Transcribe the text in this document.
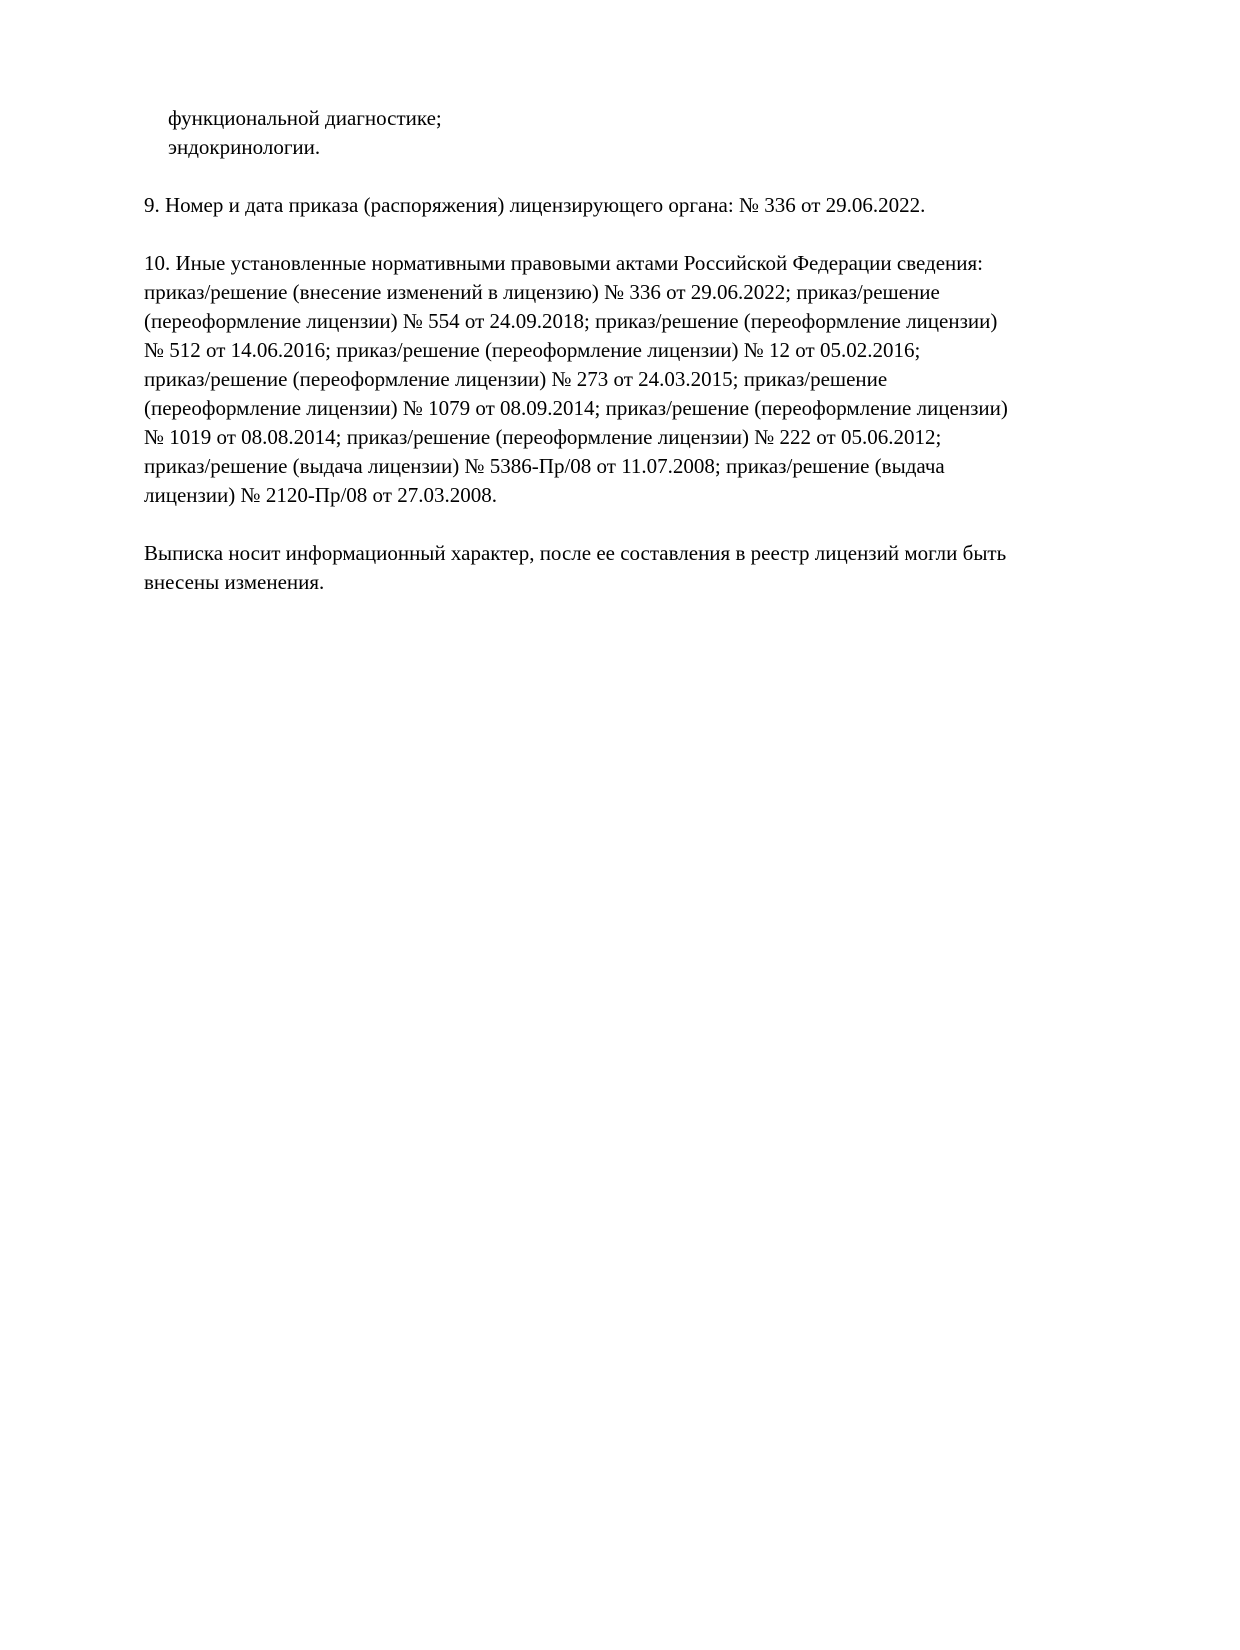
функциональной диагностике;
эндокринологии.

9. Номер и дата приказа (распоряжения) лицензирующего органа: № 336 от 29.06.2022.

10. Иные установленные нормативными правовыми актами Российской Федерации сведения:
приказ/решение (внесение изменений в лицензию) № 336 от 29.06.2022; приказ/решение
(переоформление лицензии) № 554 от 24.09.2018; приказ/решение (переоформление лицензии)
№ 512 от 14.06.2016; приказ/решение (переоформление лицензии) № 12 от 05.02.2016;
приказ/решение (переоформление лицензии) № 273 от 24.03.2015; приказ/решение
(переоформление лицензии) № 1079 от 08.09.2014; приказ/решение (переоформление лицензии)
№ 1019 от 08.08.2014; приказ/решение (переоформление лицензии) № 222 от 05.06.2012;
приказ/решение (выдача лицензии) № 5386-Пр/08 от 11.07.2008; приказ/решение (выдача
лицензии) № 2120-Пр/08 от 27.03.2008.

Выписка носит информационный характер, после ее составления в реестр лицензий могли быть
внесены изменения.
